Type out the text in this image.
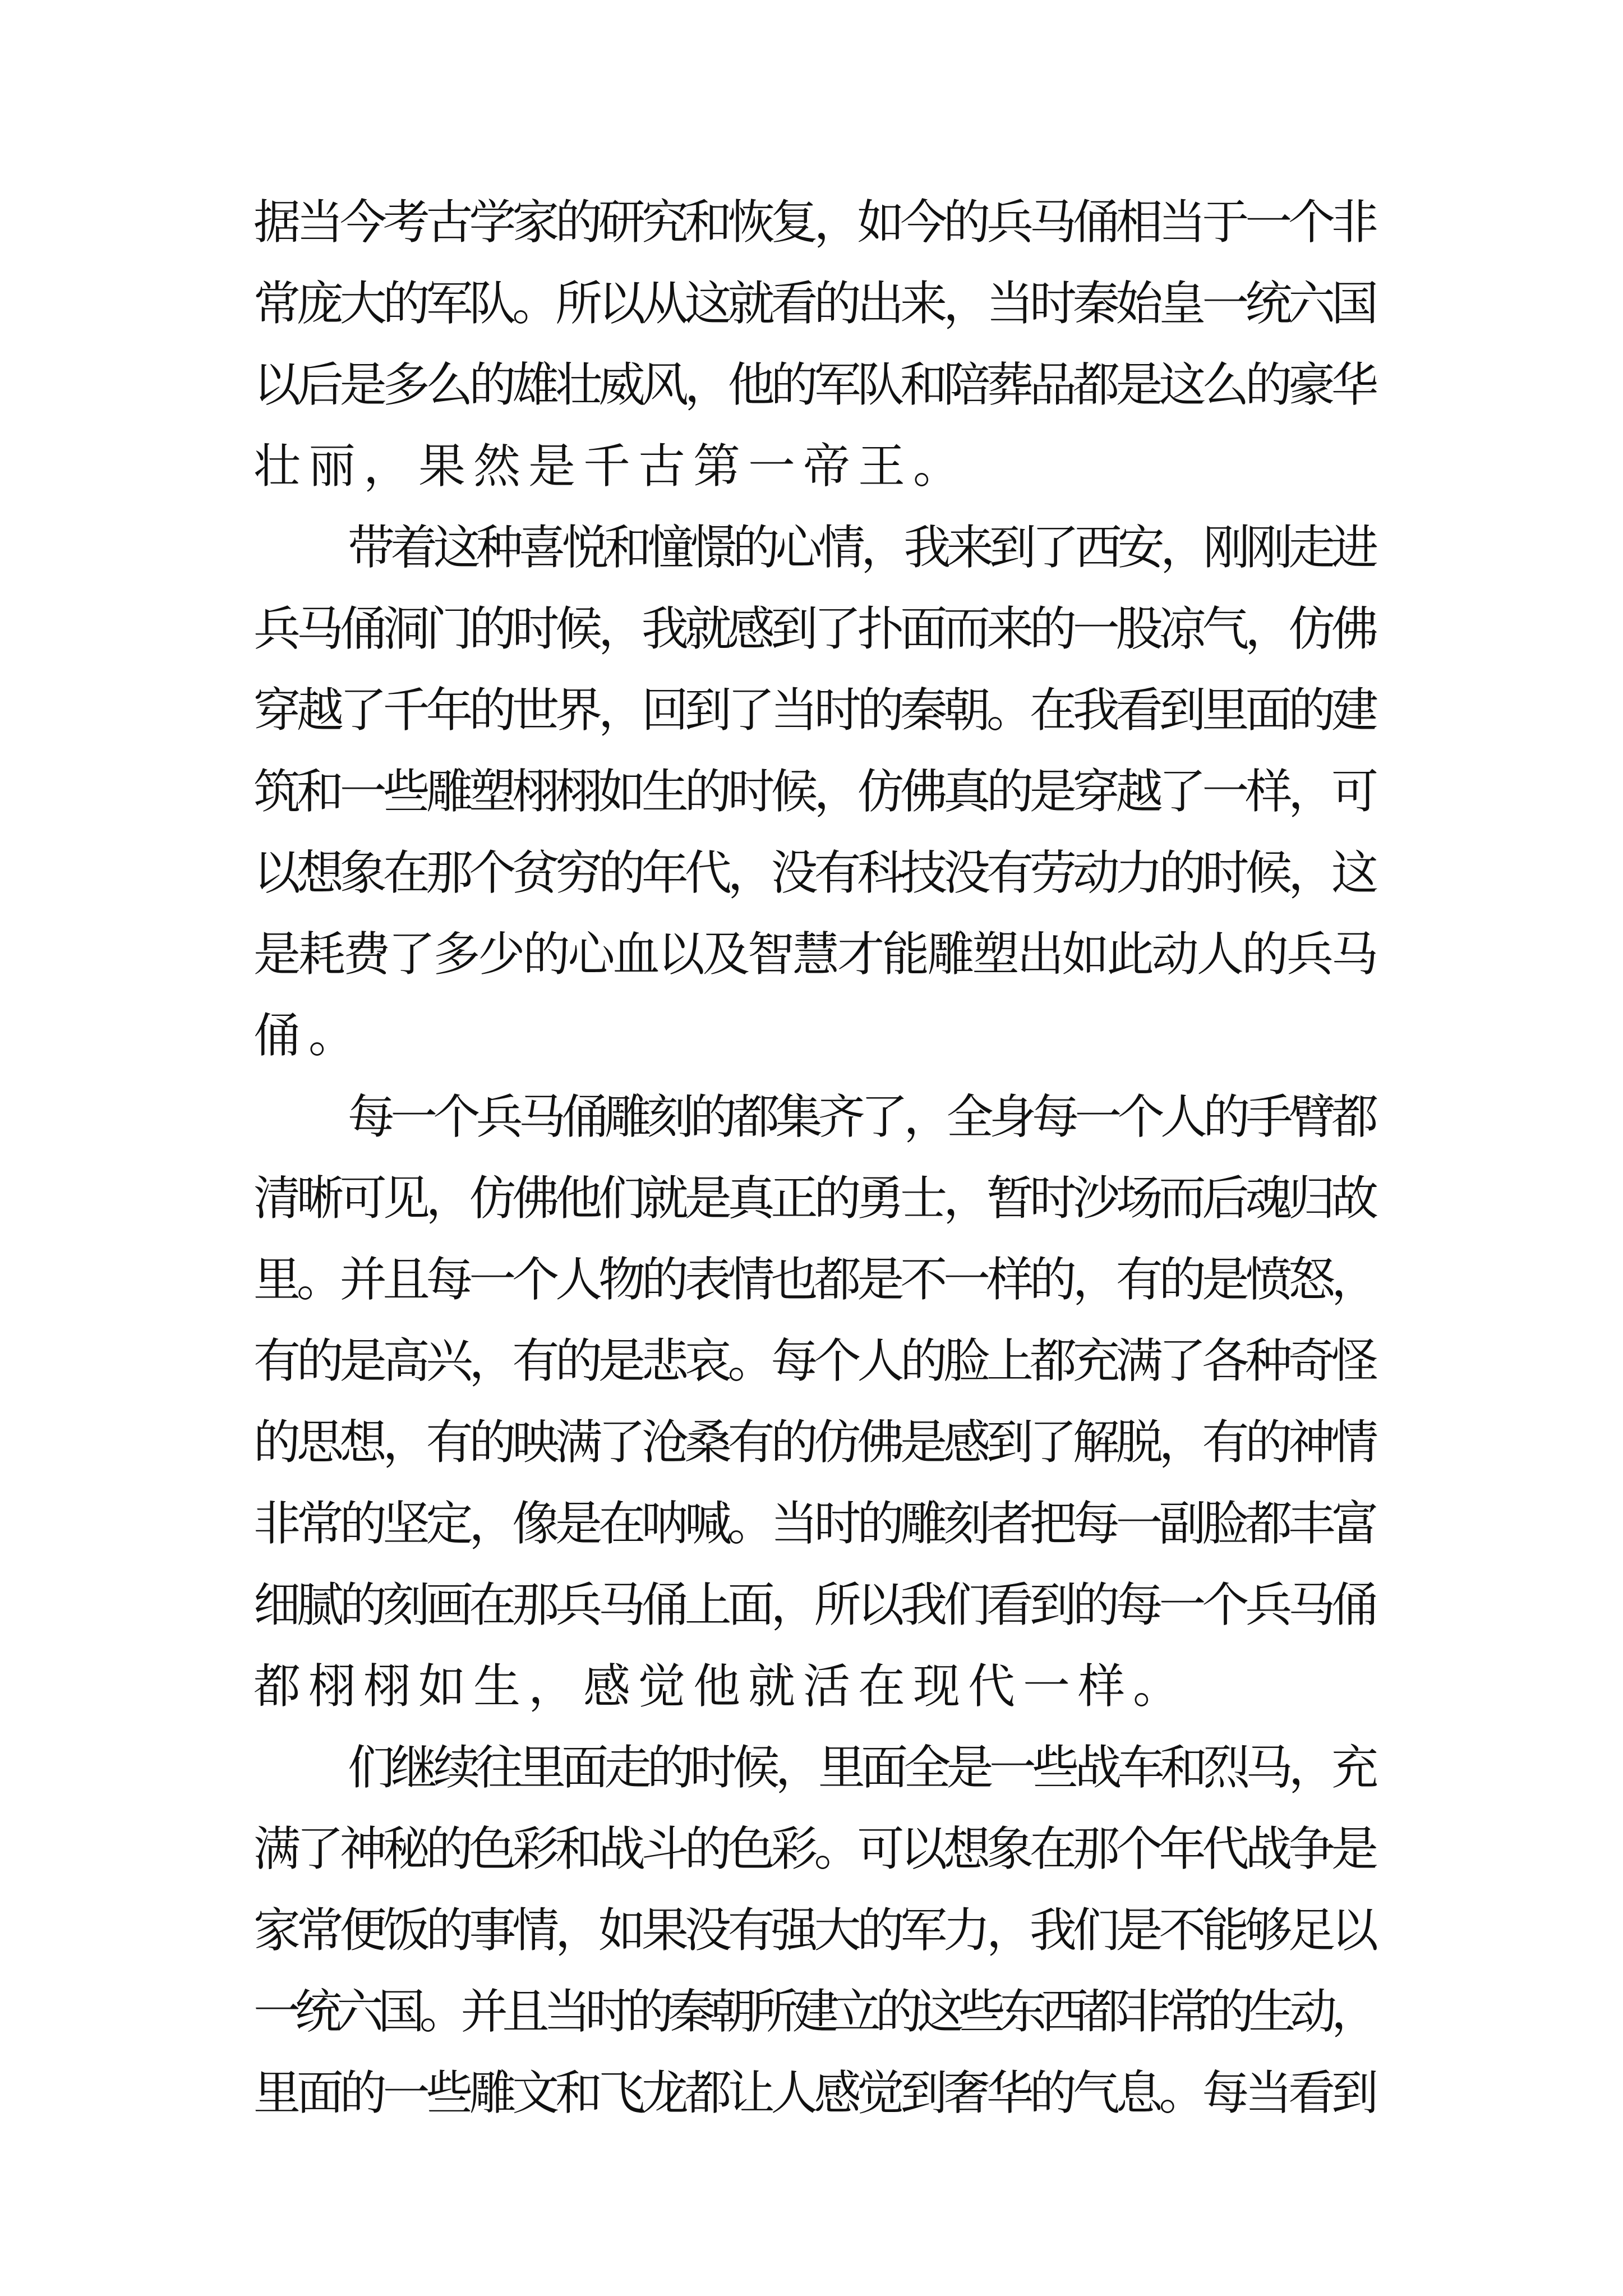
据当今考古学家的研究和恢复，如今的兵马俑相当于一个非
常庞大的军队。所以从这就看的出来，当时秦始皇一统六国
以后是多么的雄壮威风，他的军队和陪葬品都是这么的豪华
壮丽，果然是千古第一帝王。
带着这种喜悦和憧憬的心情，我来到了西安，刚刚走进
兵马俑洞门的时候，我就感到了扑面而来的一股凉气，仿佛
穿越了千年的世界，回到了当时的秦朝。在我看到里面的建
筑和一些雕塑栩栩如生的时候，仿佛真的是穿越了一样，可
以想象在那个贫穷的年代，没有科技没有劳动力的时候，这
是耗费了多少的心血以及智慧才能雕塑出如此动人的兵马
俑。
每一个兵马俑雕刻的都集齐了，全身每一个人的手臂都
清晰可见，仿佛他们就是真正的勇士，暂时沙场而后魂归故
里。并且每一个人物的表情也都是不一样的，有的是愤怒，
有的是高兴，有的是悲哀。每个人的脸上都充满了各种奇怪
的思想，有的映满了沧桑有的仿佛是感到了解脱，有的神情
非常的坚定，像是在呐喊。当时的雕刻者把每一副脸都丰富
细腻的刻画在那兵马俑上面，所以我们看到的每一个兵马俑
都栩栩如生，感觉他就活在现代一样。
们继续往里面走的时候，里面全是一些战车和烈马，充
满了神秘的色彩和战斗的色彩。可以想象在那个年代战争是
家常便饭的事情，如果没有强大的军力，我们是不能够足以
一统六国。并且当时的秦朝所建立的这些东西都非常的生动，
里面的一些雕文和飞龙都让人感觉到奢华的气息。每当看到
